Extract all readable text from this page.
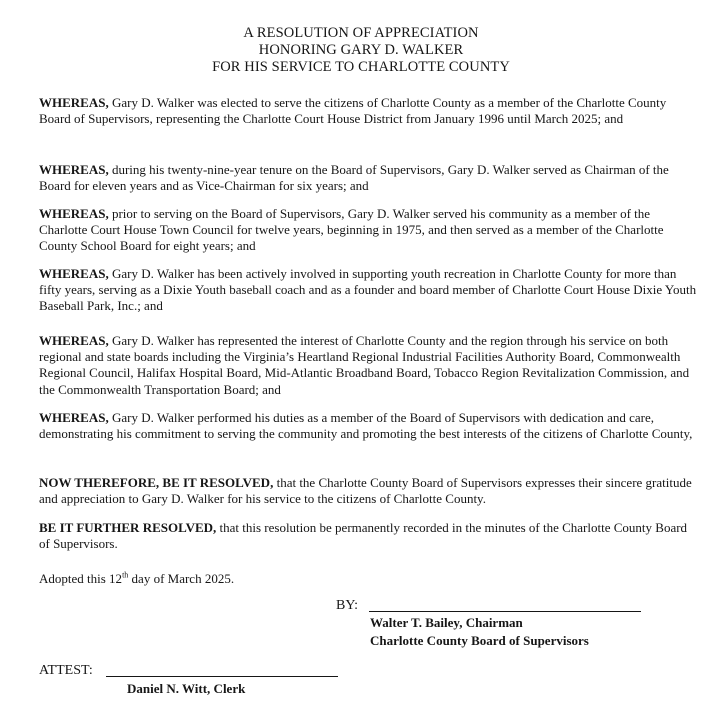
A RESOLUTION OF APPRECIATION
HONORING GARY D. WALKER
FOR HIS SERVICE TO CHARLOTTE COUNTY

WHEREAS, Gary D. Walker was elected to serve the citizens of Charlotte County as a member of the Charlotte County Board of Supervisors, representing the Charlotte Court House District from January 1996 until March 2025; and

WHEREAS, during his twenty-nine-year tenure on the Board of Supervisors, Gary D. Walker served as Chairman of the Board for eleven years and as Vice-Chairman for six years; and

WHEREAS, prior to serving on the Board of Supervisors, Gary D. Walker served his community as a member of the Charlotte Court House Town Council for twelve years, beginning in 1975, and then served as a member of the Charlotte County School Board for eight years; and

WHEREAS, Gary D. Walker has been actively involved in supporting youth recreation in Charlotte County for more than fifty years, serving as a Dixie Youth baseball coach and as a founder and board member of Charlotte Court House Dixie Youth Baseball Park, Inc.; and

WHEREAS, Gary D. Walker has represented the interest of Charlotte County and the region through his service on both regional and state boards including the Virginia’s Heartland Regional Industrial Facilities Authority Board, Commonwealth Regional Council, Halifax Hospital Board, Mid-Atlantic Broadband Board, Tobacco Region Revitalization Commission, and the Commonwealth Transportation Board; and

WHEREAS, Gary D. Walker performed his duties as a member of the Board of Supervisors with dedication and care, demonstrating his commitment to serving the community and promoting the best interests of the citizens of Charlotte County,

NOW THEREFORE, BE IT RESOLVED, that the Charlotte County Board of Supervisors expresses their sincere gratitude and appreciation to Gary D. Walker for his service to the citizens of Charlotte County.

BE IT FURTHER RESOLVED, that this resolution be permanently recorded in the minutes of the Charlotte County Board of Supervisors.

Adopted this 12th day of March 2025.

BY:
Walter T. Bailey, Chairman
Charlotte County Board of Supervisors
ATTEST:
Daniel N. Witt, Clerk
